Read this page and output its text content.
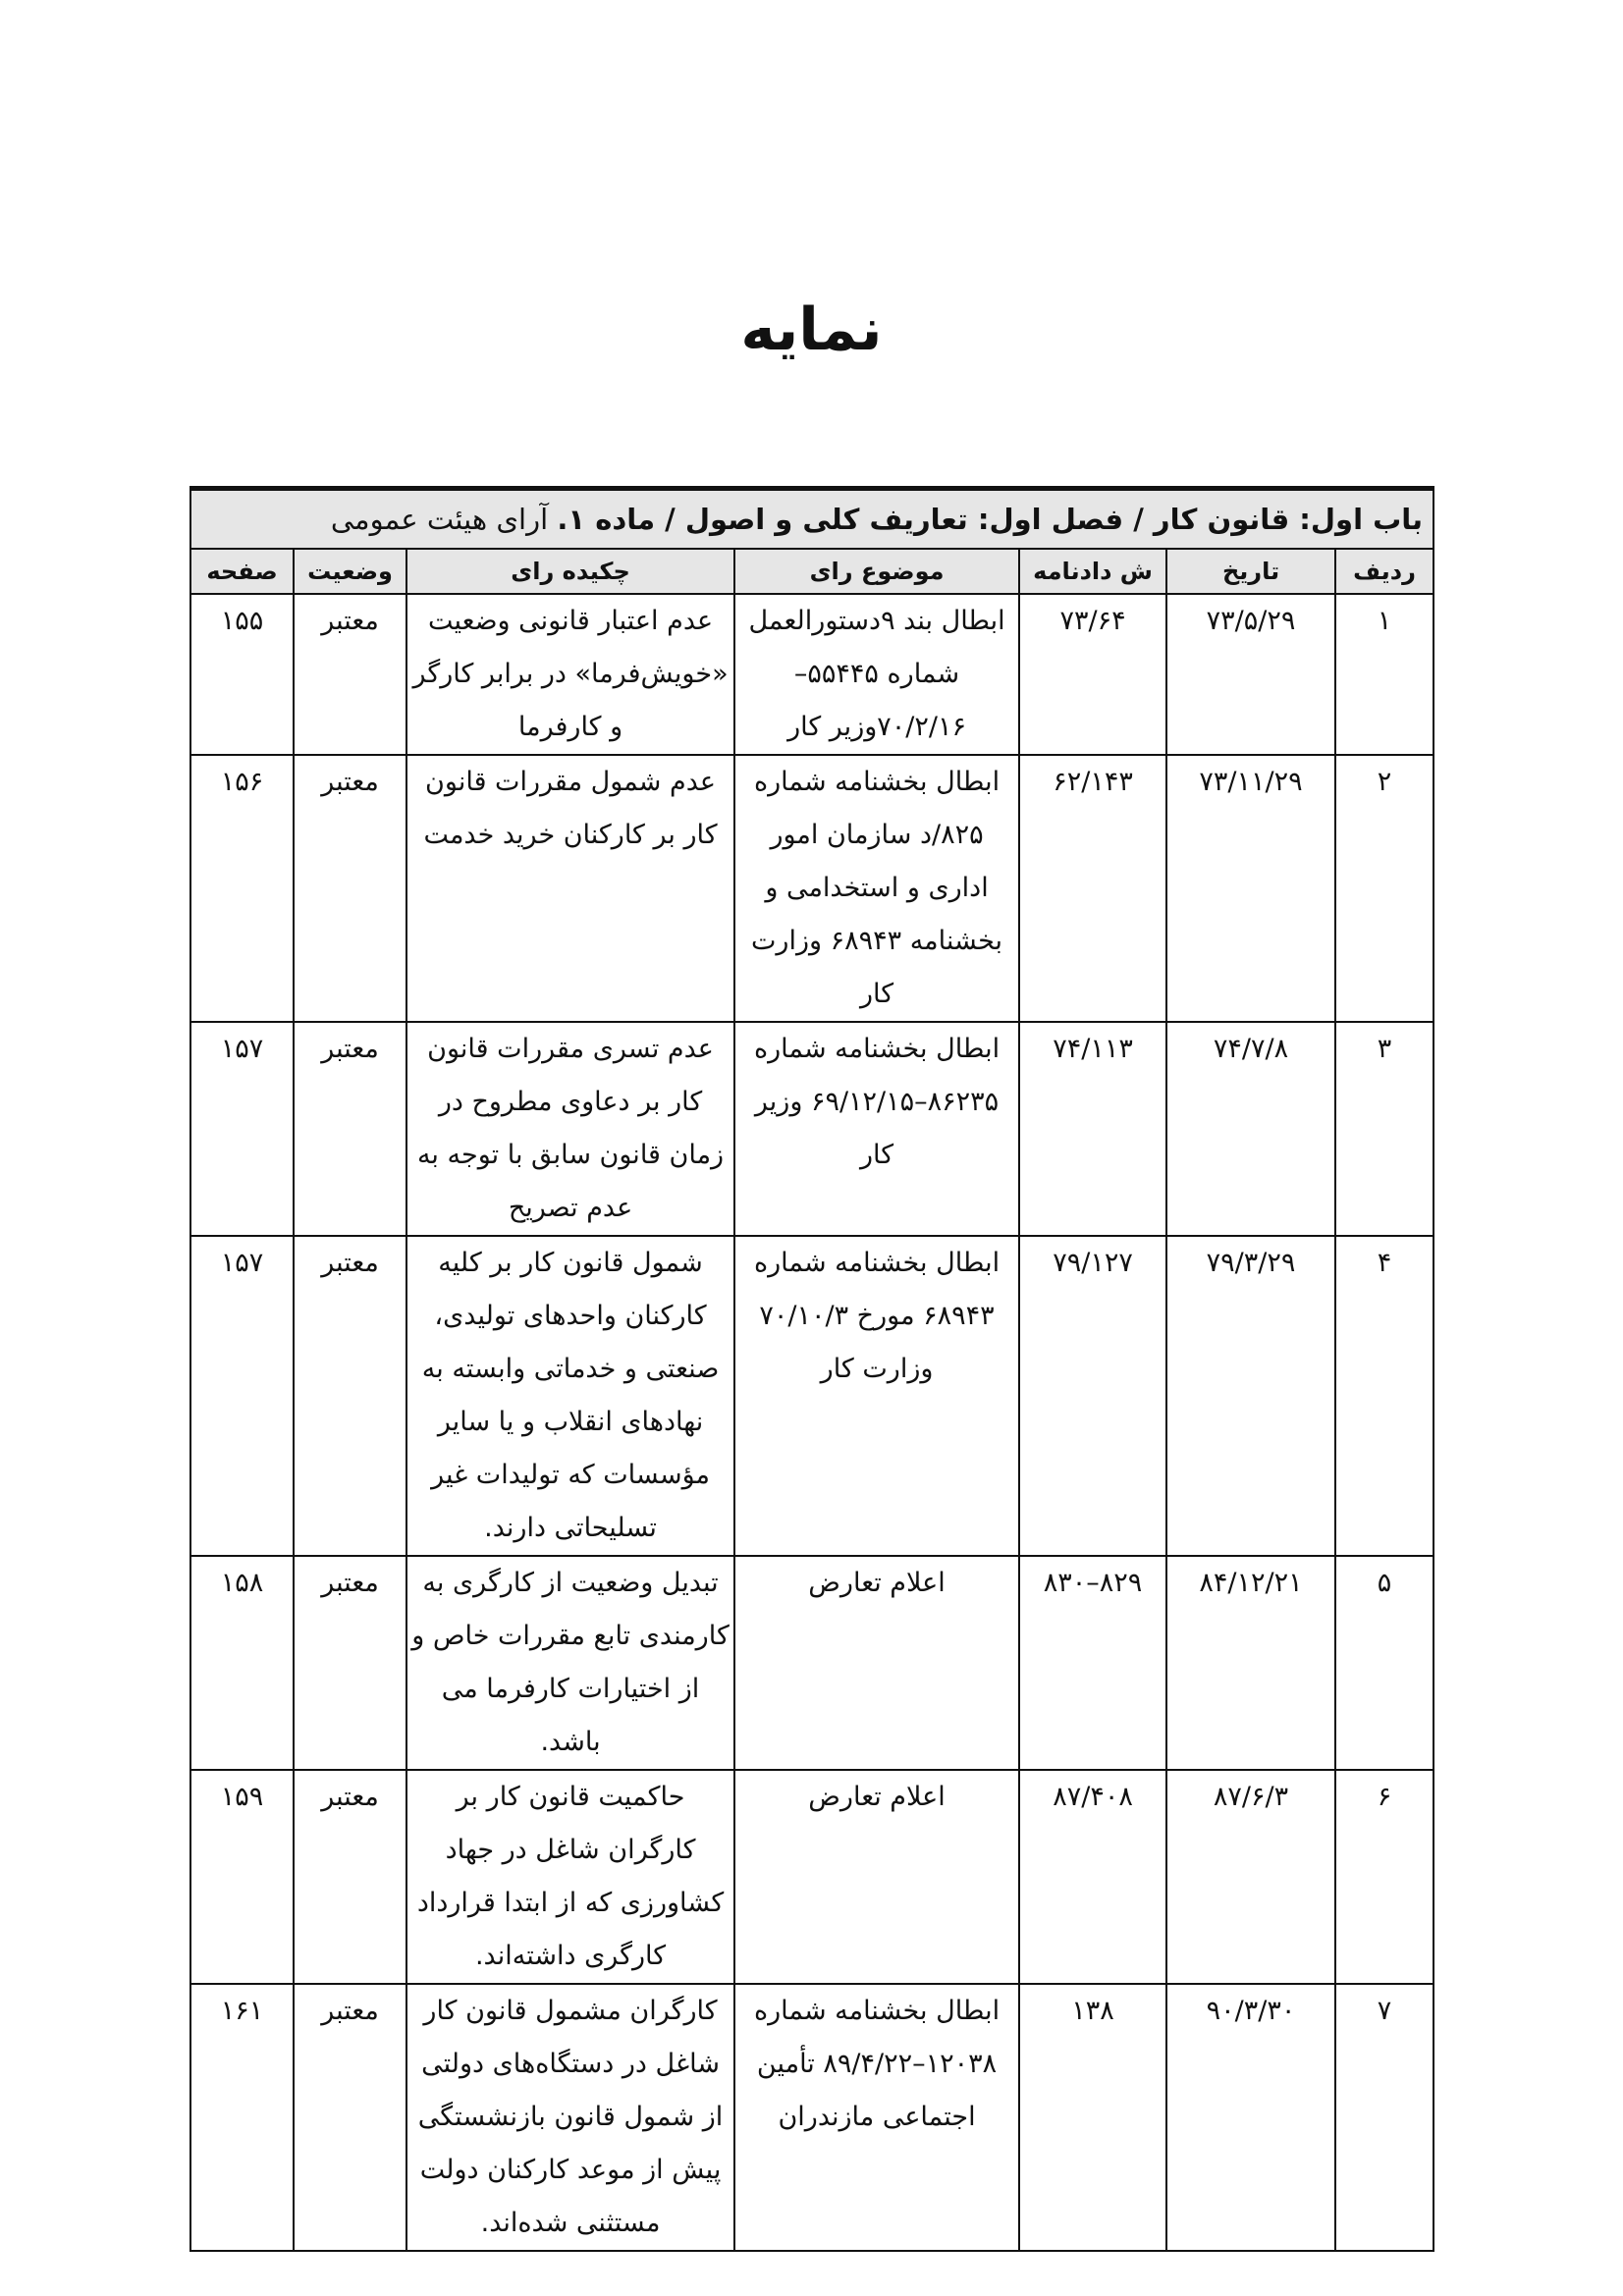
نمایه
باب اول: قانون کار / فصل اول: تعاریف کلی و اصول / ماده ۱. آرای هیئت عمومی						
ردیف	تاریخ	ش دادنامه	موضوع رای	چکیده رای	وضعیت	صفحه
۱	۷۳/۵/۲۹	۷۳/۶۴	ابطال بند ۹دستورالعمل شماره ۵۵۴۴۵– ۷۰/۲/۱۶وزیر کار	عدم اعتبار قانونی وضعیت «خویش‌فرما» در برابر کارگر و کارفرما	معتبر	۱۵۵
۲	۷۳/۱۱/۲۹	۶۲/۱۴۳	ابطال بخشنامه شماره ۸۲۵/د سازمان امور اداری و استخدامی و بخشنامه ۶۸۹۴۳ وزارت کار	عدم شمول مقررات قانون کار بر کارکنان خرید خدمت	معتبر	۱۵۶
۳	۷۴/۷/۸	۷۴/۱۱۳	ابطال بخشنامه شماره ۸۶۲۳۵–۶۹/۱۲/۱۵ وزیر کار	عدم تسری مقررات قانون کار بر دعاوی مطروح در زمان قانون سابق با توجه به عدم تصریح	معتبر	۱۵۷
۴	۷۹/۳/۲۹	۷۹/۱۲۷	ابطال بخشنامه شماره ۶۸۹۴۳ مورخ ۷۰/۱۰/۳ وزارت کار	شمول قانون کار بر کلیه کارکنان واحدهای تولیدی، صنعتی و خدماتی وابسته به نهادهای انقلاب و یا سایر مؤسسات که تولیدات غیر تسلیحاتی دارند.	معتبر	۱۵۷
۵	۸۴/۱۲/۲۱	۸۲۹–۸۳۰	اعلام تعارض	تبدیل وضعیت از کارگری به کارمندی تابع مقررات خاص و از اختیارات کارفرما می باشد.	معتبر	۱۵۸
۶	۸۷/۶/۳	۸۷/۴۰۸	اعلام تعارض	حاکمیت قانون کار بر کارگران شاغل در جهاد کشاورزی که از ابتدا قرارداد کارگری داشته‌اند.	معتبر	۱۵۹
۷	۹۰/۳/۳۰	۱۳۸	ابطال بخشنامه شماره ۱۲۰۳۸–۸۹/۴/۲۲ تأمین اجتماعی مازندران	کارگران مشمول قانون کار شاغل در دستگاه‌های دولتی از شمول قانون بازنشستگی پیش از موعد کارکنان دولت مستثنی شده‌اند.	معتبر	۱۶۱
